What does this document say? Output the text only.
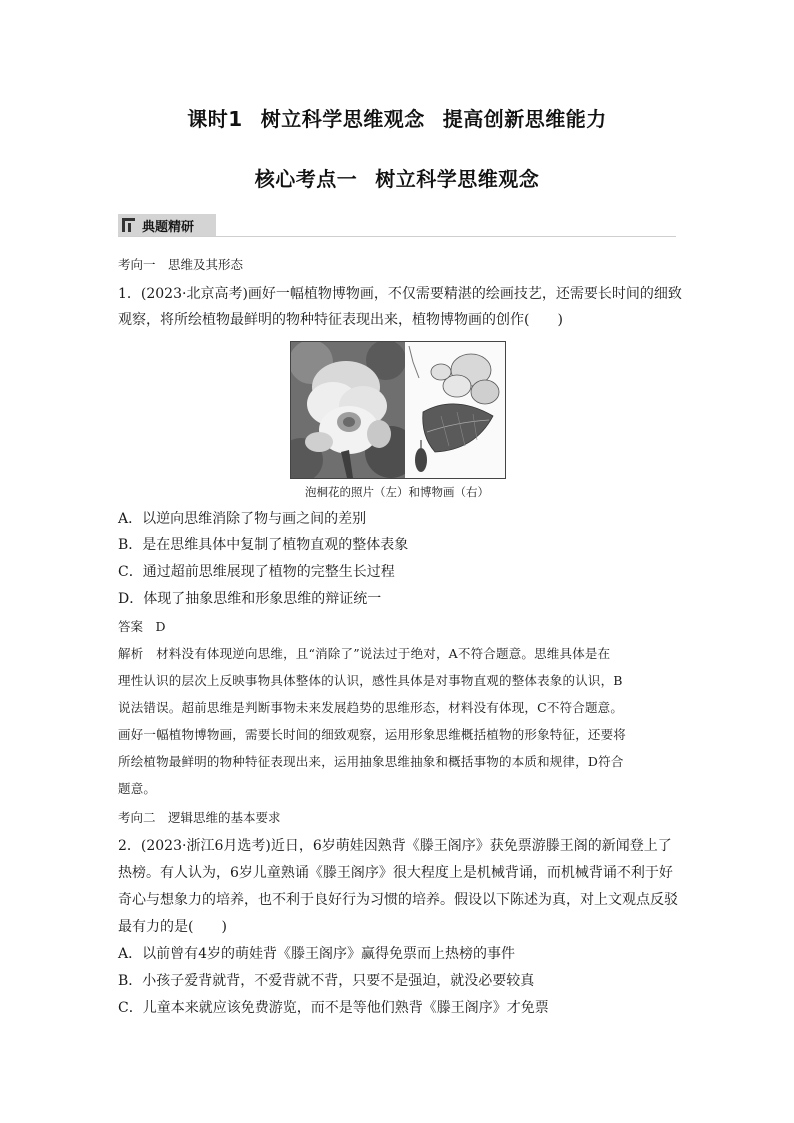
课时1 树立科学思维观念 提高创新思维能力
核心考点一 树立科学思维观念
典题精研
考向一　思维及其形态
1．(2023·北京高考)画好一幅植物博物画，不仅需要精湛的绘画技艺，还需要长时间的细致
观察，将所绘植物最鲜明的物种特征表现出来，植物博物画的创作(　　)
泡桐花的照片（左）和博物画（右）
A．以逆向思维消除了物与画之间的差别
B．是在思维具体中复制了植物直观的整体表象
C．通过超前思维展现了植物的完整生长过程
D．体现了抽象思维和形象思维的辩证统一
答案　D
解析　材料没有体现逆向思维，且“消除了”说法过于绝对，A不符合题意。思维具体是在
理性认识的层次上反映事物具体整体的认识，感性具体是对事物直观的整体表象的认识，B
说法错误。超前思维是判断事物未来发展趋势的思维形态，材料没有体现，C不符合题意。
画好一幅植物博物画，需要长时间的细致观察，运用形象思维概括植物的形象特征，还要将
所绘植物最鲜明的物种特征表现出来，运用抽象思维抽象和概括事物的本质和规律，D符合
题意。
考向二　逻辑思维的基本要求
2．(2023·浙江6月选考)近日，6岁萌娃因熟背《滕王阁序》获免票游滕王阁的新闻登上了
热榜。有人认为，6岁儿童熟诵《滕王阁序》很大程度上是机械背诵，而机械背诵不利于好
奇心与想象力的培养，也不利于良好行为习惯的培养。假设以下陈述为真，对上文观点反驳
最有力的是(　　)
A．以前曾有4岁的萌娃背《滕王阁序》赢得免票而上热榜的事件
B．小孩子爱背就背，不爱背就不背，只要不是强迫，就没必要较真
C．儿童本来就应该免费游览，而不是等他们熟背《滕王阁序》才免票
